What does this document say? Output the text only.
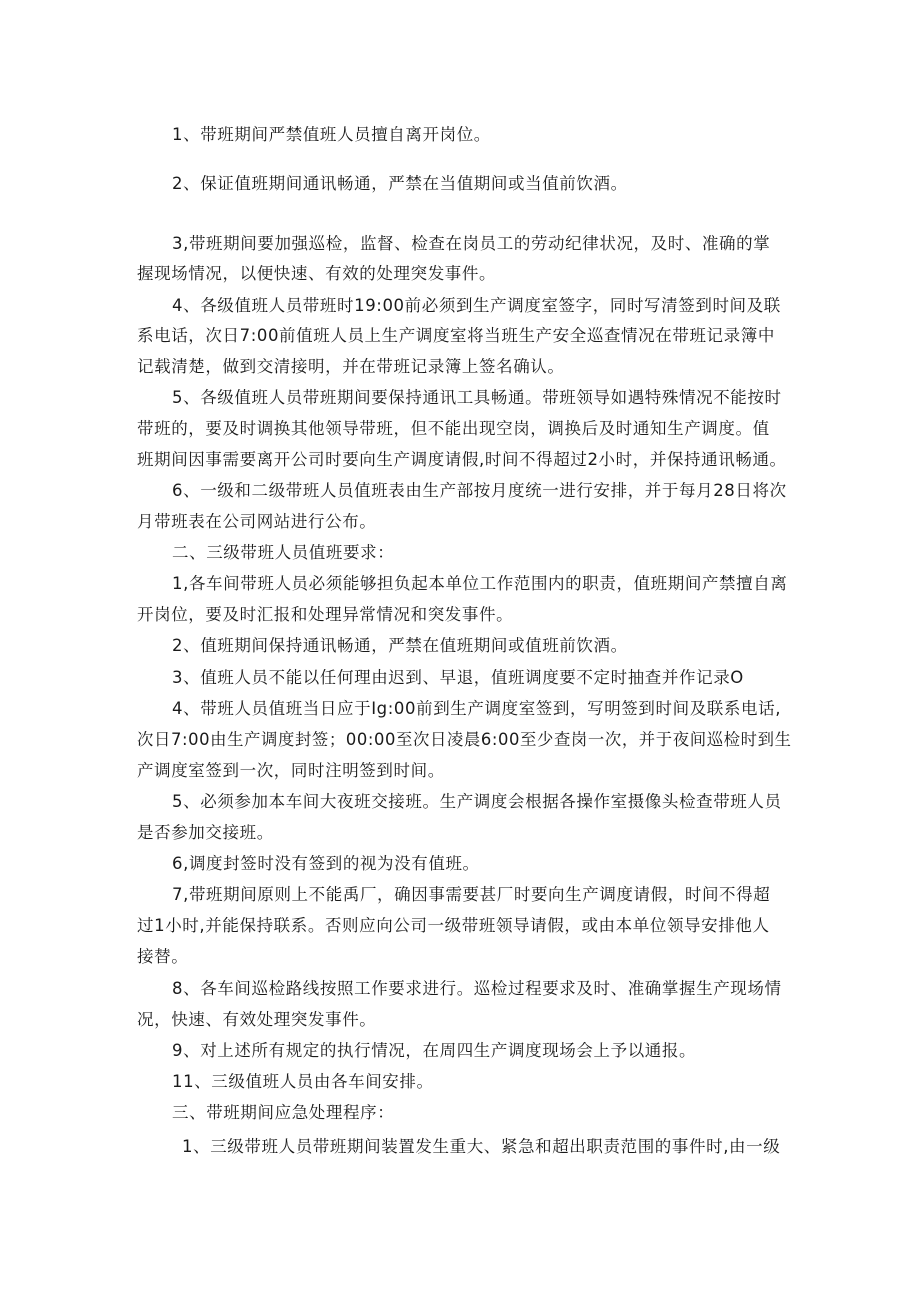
1、带班期间严禁值班人员擅自离开岗位。
2、保证值班期间通讯畅通，严禁在当值期间或当值前饮酒。
3,带班期间要加强巡检，监督、检查在岗员工的劳动纪律状况，及时、准确的掌
握现场情况，以便快速、有效的处理突发事件。
4、各级值班人员带班时19:00前必须到生产调度室签字，同时写清签到时间及联
系电话，次日7:00前值班人员上生产调度室将当班生产安全巡查情况在带班记录簿中
记载清楚，做到交清接明，并在带班记录簿上签名确认。
5、各级值班人员带班期间要保持通讯工具畅通。带班领导如遇特殊情况不能按时
带班的，要及时调换其他领导带班，但不能出现空岗，调换后及时通知生产调度。值
班期间因事需要离开公司时要向生产调度请假,时间不得超过2小时，并保持通讯畅通。
6、一级和二级带班人员值班表由生产部按月度统一进行安排，并于每月28日将次
月带班表在公司网站进行公布。
二、三级带班人员值班要求：
1,各车间带班人员必须能够担负起本单位工作范围内的职责，值班期间产禁擅自离
开岗位，要及时汇报和处理异常情况和突发事件。
2、值班期间保持通讯畅通，严禁在值班期间或值班前饮酒。
3、值班人员不能以任何理由迟到、早退，值班调度要不定时抽查并作记录O
4、带班人员值班当日应于Ig:00前到生产调度室签到，写明签到时间及联系电话,
次日7:00由生产调度封签；00:00至次日凌晨6:00至少查岗一次，并于夜间巡检时到生
产调度室签到一次，同时注明签到时间。
5、必须参加本车间大夜班交接班。生产调度会根据各操作室摄像头检查带班人员
是否参加交接班。
6,调度封签时没有签到的视为没有值班。
7,带班期间原则上不能禹厂，确因事需要甚厂时要向生产调度请假，时间不得超
过1小时,并能保持联系。否则应向公司一级带班领导请假，或由本单位领导安排他人
接替。
8、各车间巡检路线按照工作要求进行。巡检过程要求及时、准确掌握生产现场情
况，快速、有效处理突发事件。
9、对上述所有规定的执行情况，在周四生产调度现场会上予以通报。
11、三级值班人员由各车间安排。
三、带班期间应急处理程序：
1、三级带班人员带班期间装置发生重大、紧急和超出职责范围的事件时,由一级
